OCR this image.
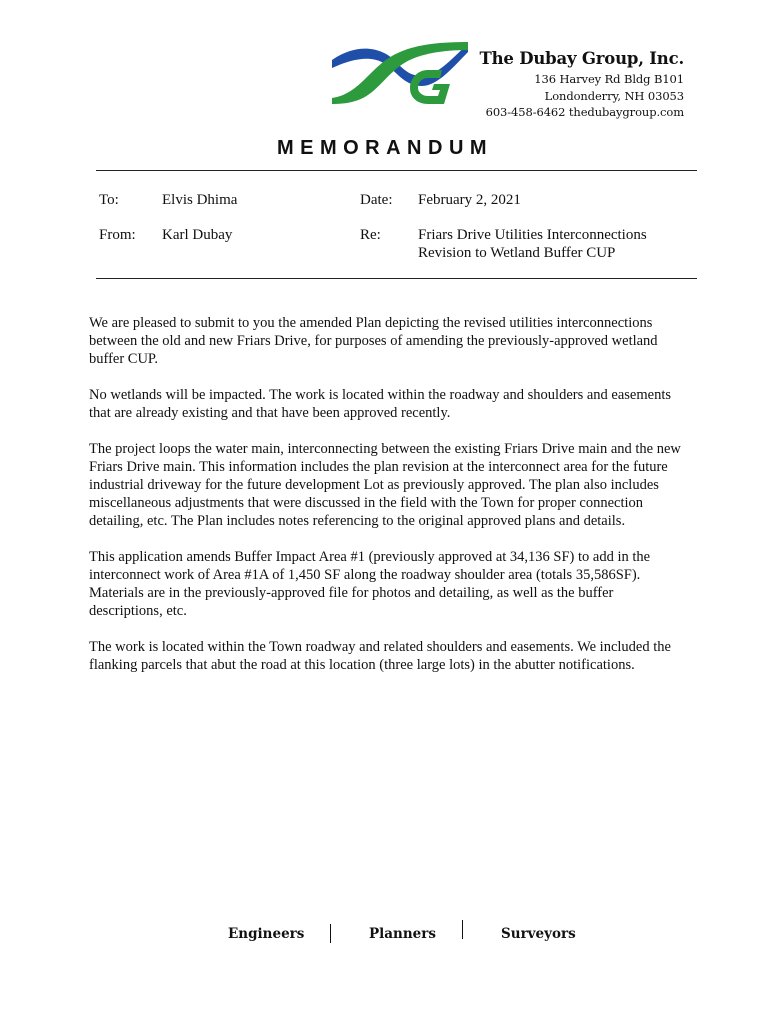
The Dubay Group, Inc.
136 Harvey Rd Bldg B101
Londonderry, NH 03053
603-458-6462 thedubaygroup.com
MEMORANDUM
To:	Elvis Dhima	Date: February 2, 2021
From: Karl Dubay	Re: Friars Drive Utilities Interconnections
Revision to Wetland Buffer CUP

We are pleased to submit to you the amended Plan depicting the revised utilities interconnections between the old and new Friars Drive, for purposes of amending the previously-approved wetland buffer CUP.

No wetlands will be impacted. The work is located within the roadway and shoulders and easements that are already existing and that have been approved recently.

The project loops the water main, interconnecting between the existing Friars Drive main and the new Friars Drive main. This information includes the plan revision at the interconnect area for the future industrial driveway for the future development Lot as previously approved. The plan also includes miscellaneous adjustments that were discussed in the field with the Town for proper connection detailing, etc. The Plan includes notes referencing to the original approved plans and details.

This application amends Buffer Impact Area #1 (previously approved at 34,136 SF) to add in the interconnect work of Area #1A of 1,450 SF along the roadway shoulder area (totals 35,586SF). Materials are in the previously-approved file for photos and detailing, as well as the buffer descriptions, etc.

The work is located within the Town roadway and related shoulders and easements. We included the flanking parcels that abut the road at this location (three large lots) in the abutter notifications.

Engineers	Planners	Surveyors
